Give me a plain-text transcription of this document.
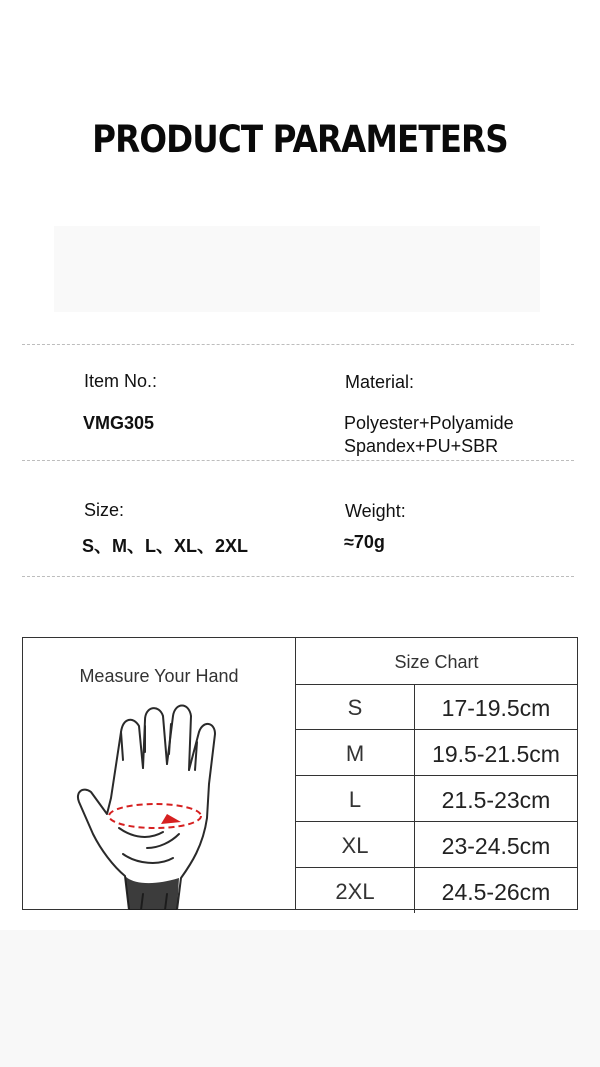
PRODUCT PARAMETERS
Item No.:	Material:
VMG305	Polyester+Polyamide
Spandex+PU+SBR
Size:	Weight:
S、M、L、XL、2XL	≈70g
Measure Your Hand
Size Chart
S	17-19.5cm
M	19.5-21.5cm
L	21.5-23cm
XL	23-24.5cm
2XL	24.5-26cm
